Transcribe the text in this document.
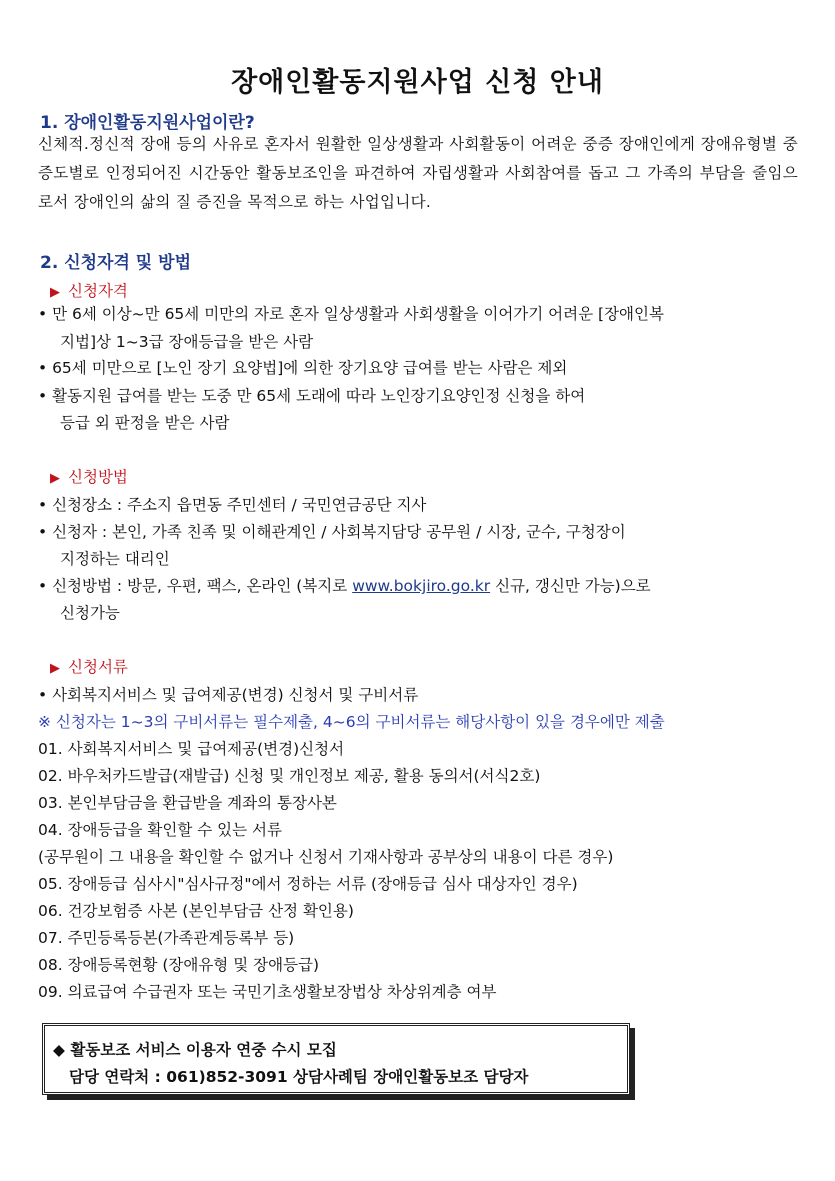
장애인활동지원사업 신청 안내
1. 장애인활동지원사업이란?
신체적.정신적 장애 등의 사유로 혼자서 원활한 일상생활과 사회활동이 어려운 중증 장애인에게 장애유형별 중증도별로 인정되어진 시간동안 활동보조인을 파견하여 자립생활과 사회참여를 돕고 그 가족의 부담을 줄임으로서 장애인의 삶의 질 증진을 목적으로 하는 사업입니다.
2. 신청자격 및 방법
▶ 신청자격
• 만 6세 이상~만 65세 미만의 자로 혼자 일상생활과 사회생활을 이어가기 어려운 [장애인복
지법]상 1~3급 장애등급을 받은 사람
• 65세 미만으로 [노인 장기 요양법]에 의한 장기요양 급여를 받는 사람은 제외
• 활동지원 급여를 받는 도중 만 65세 도래에 따라 노인장기요양인정 신청을 하여
등급 외 판정을 받은 사람
▶ 신청방법
• 신청장소 : 주소지 읍면동 주민센터 / 국민연금공단 지사
• 신청자 : 본인, 가족 친족 및 이해관계인 / 사회복지담당 공무원 / 시장, 군수, 구청장이
지정하는 대리인
• 신청방법 : 방문, 우편, 팩스, 온라인 (복지로 www.bokjiro.go.kr 신규, 갱신만 가능)으로
신청가능
▶ 신청서류
• 사회복지서비스 및 급여제공(변경) 신청서 및 구비서류
※ 신청자는 1~3의 구비서류는 필수제출, 4~6의 구비서류는 해당사항이 있을 경우에만 제출
01. 사회복지서비스 및 급여제공(변경)신청서
02. 바우처카드발급(재발급) 신청 및 개인정보 제공, 활용 동의서(서식2호)
03. 본인부담금을 환급받을 계좌의 통장사본
04. 장애등급을 확인할 수 있는 서류
(공무원이 그 내용을 확인할 수 없거나 신청서 기재사항과 공부상의 내용이 다른 경우)
05. 장애등급 심사시"심사규정"에서 정하는 서류 (장애등급 심사 대상자인 경우)
06. 건강보험증 사본 (본인부담금 산정 확인용)
07. 주민등록등본(가족관계등록부 등)
08. 장애등록현황 (장애유형 및 장애등급)
09. 의료급여 수급권자 또는 국민기초생활보장법상 차상위계층 여부
◆ 활동보조 서비스 이용자 연중 수시 모집
담당 연락처 : 061)852-3091 상담사례팀 장애인활동보조 담당자
